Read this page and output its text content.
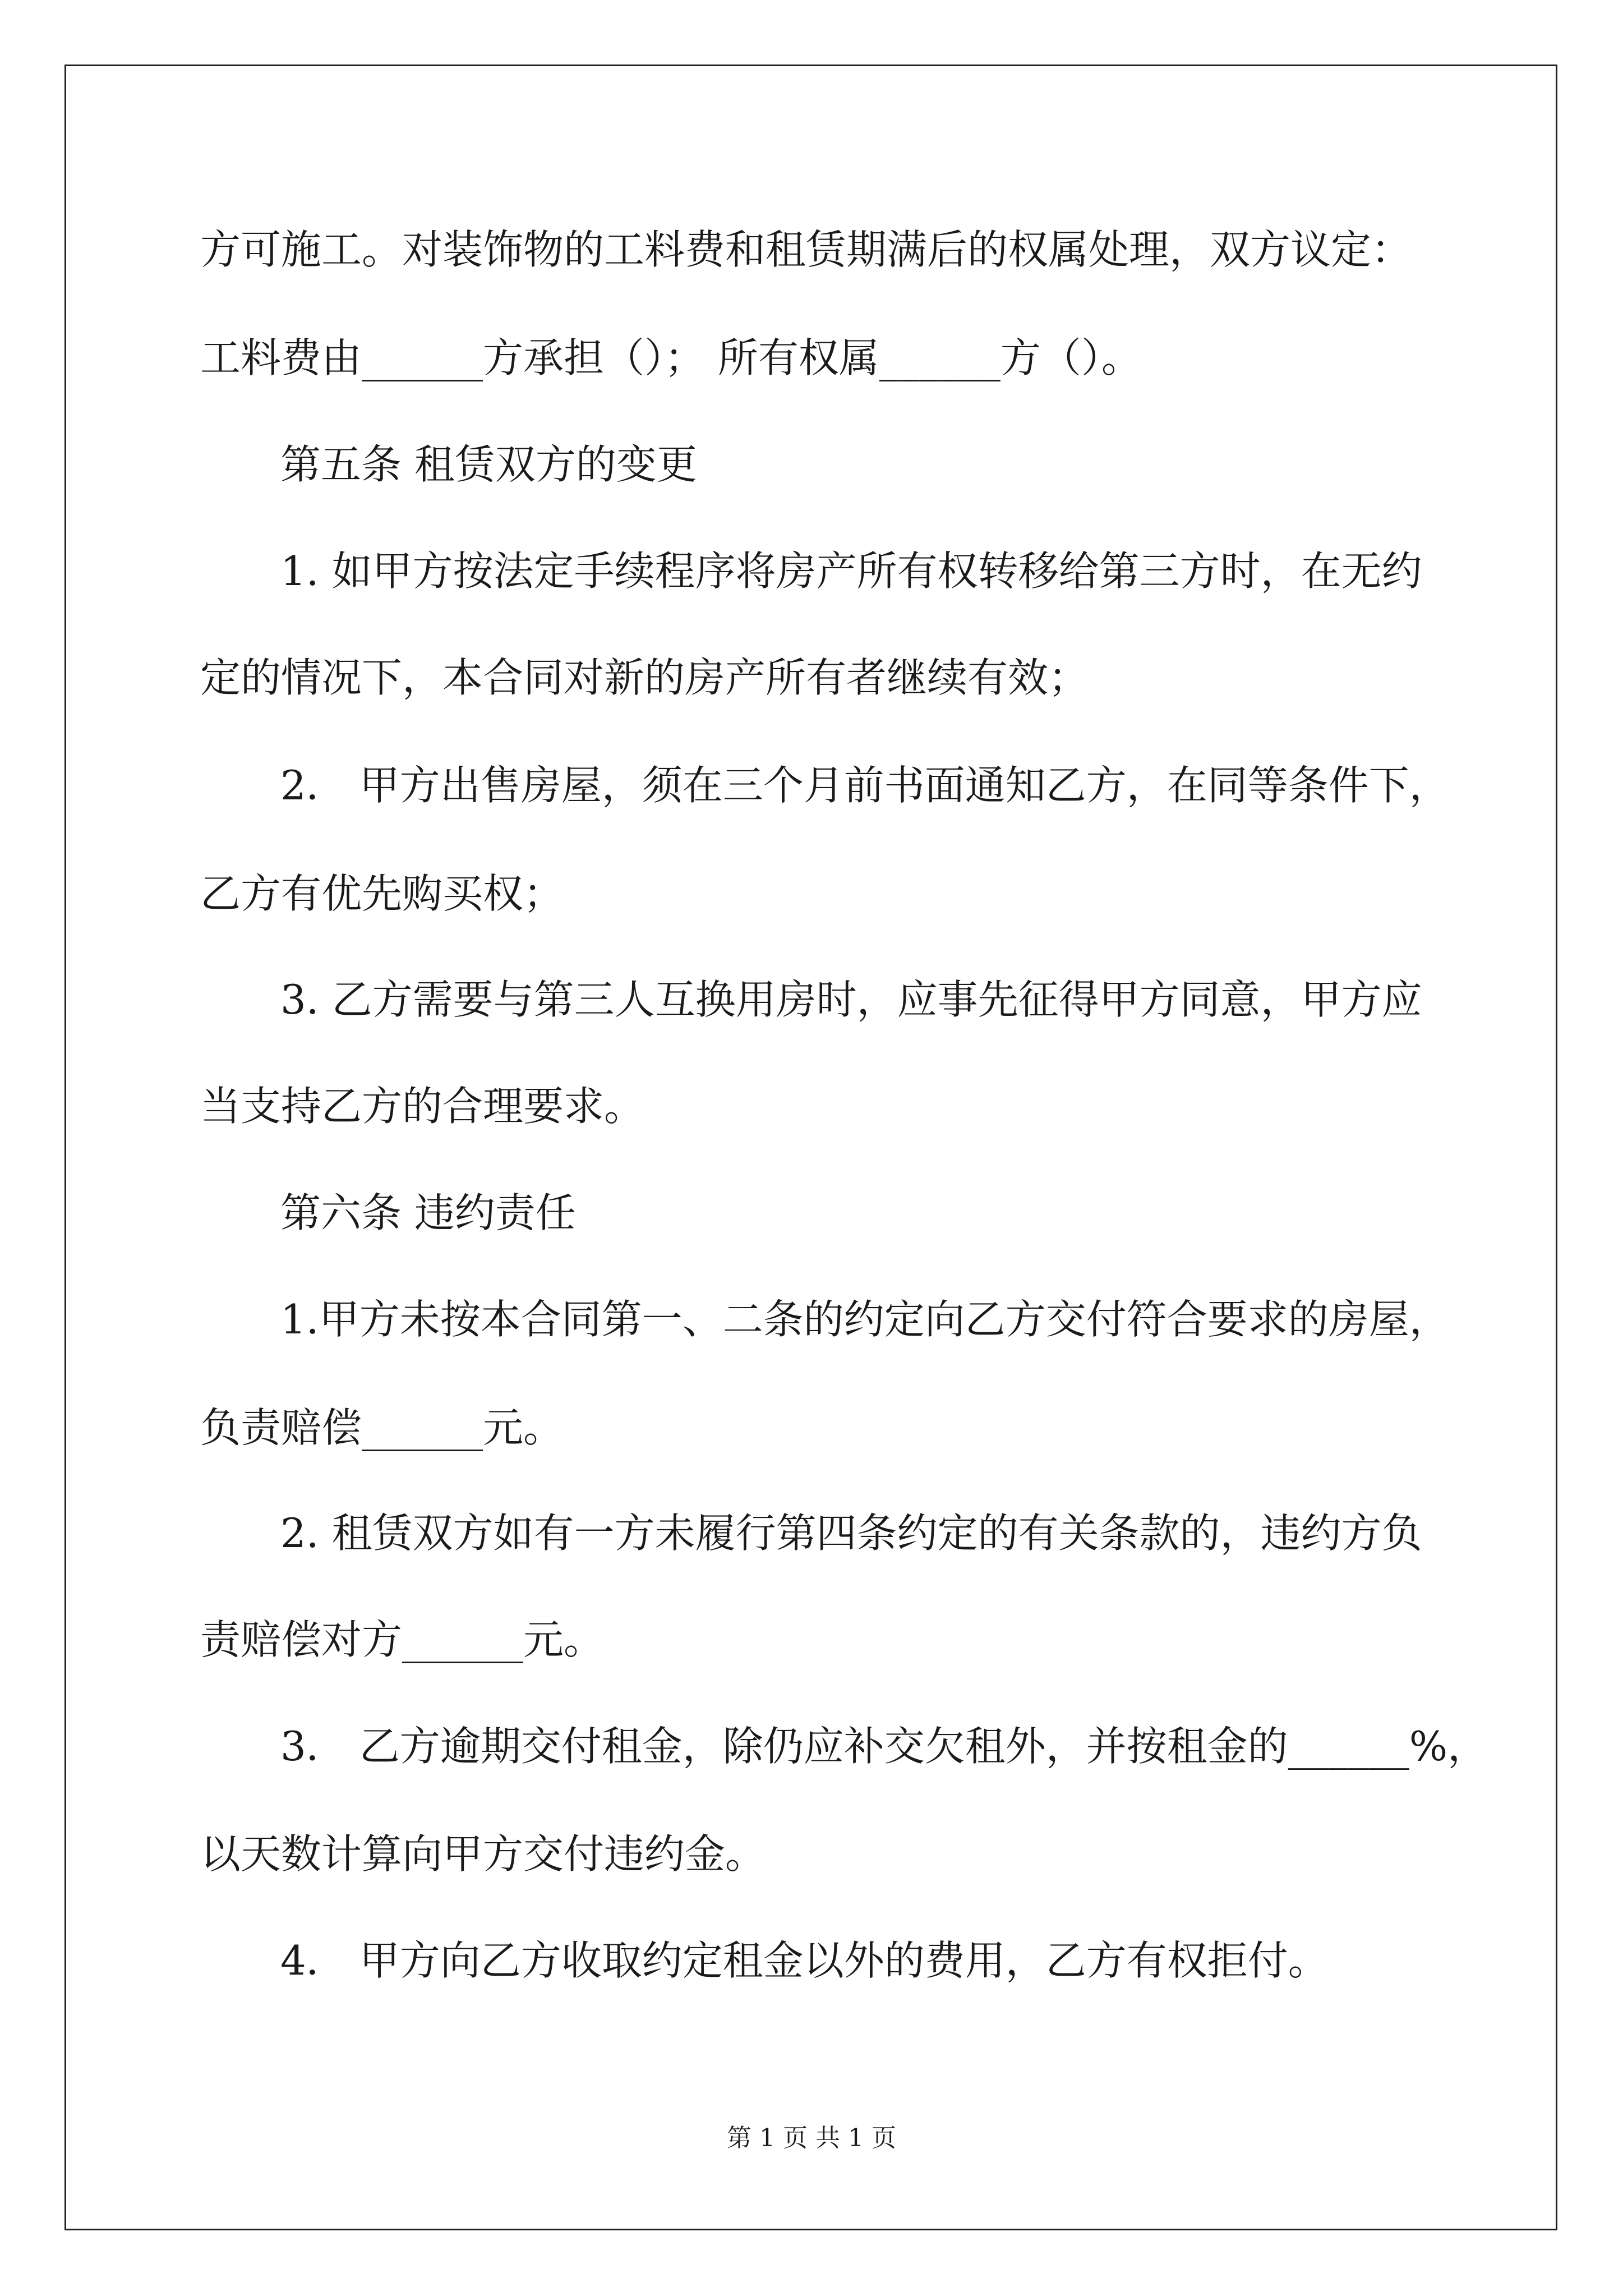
方可施工。对装饰物的工料费和租赁期满后的权属处理，双方议定：

工料费由______方承担（）； 所有权属______方（）。

第五条 租赁双方的变更

1. 如甲方按法定手续程序将房产所有权转移给第三方时，在无约

定的情况下，本合同对新的房产所有者继续有效；

2． 甲方出售房屋，须在三个月前书面通知乙方，在同等条件下，

乙方有优先购买权；

3. 乙方需要与第三人互换用房时，应事先征得甲方同意，甲方应

当支持乙方的合理要求。

第六条 违约责任

1.甲方未按本合同第一、二条的约定向乙方交付符合要求的房屋，

负责赔偿______元。

2. 租赁双方如有一方未履行第四条约定的有关条款的，违约方负

责赔偿对方______元。

3． 乙方逾期交付租金，除仍应补交欠租外，并按租金的______%，

以天数计算向甲方交付违约金。

4． 甲方向乙方收取约定租金以外的费用，乙方有权拒付。

第 1 页 共 1 页
